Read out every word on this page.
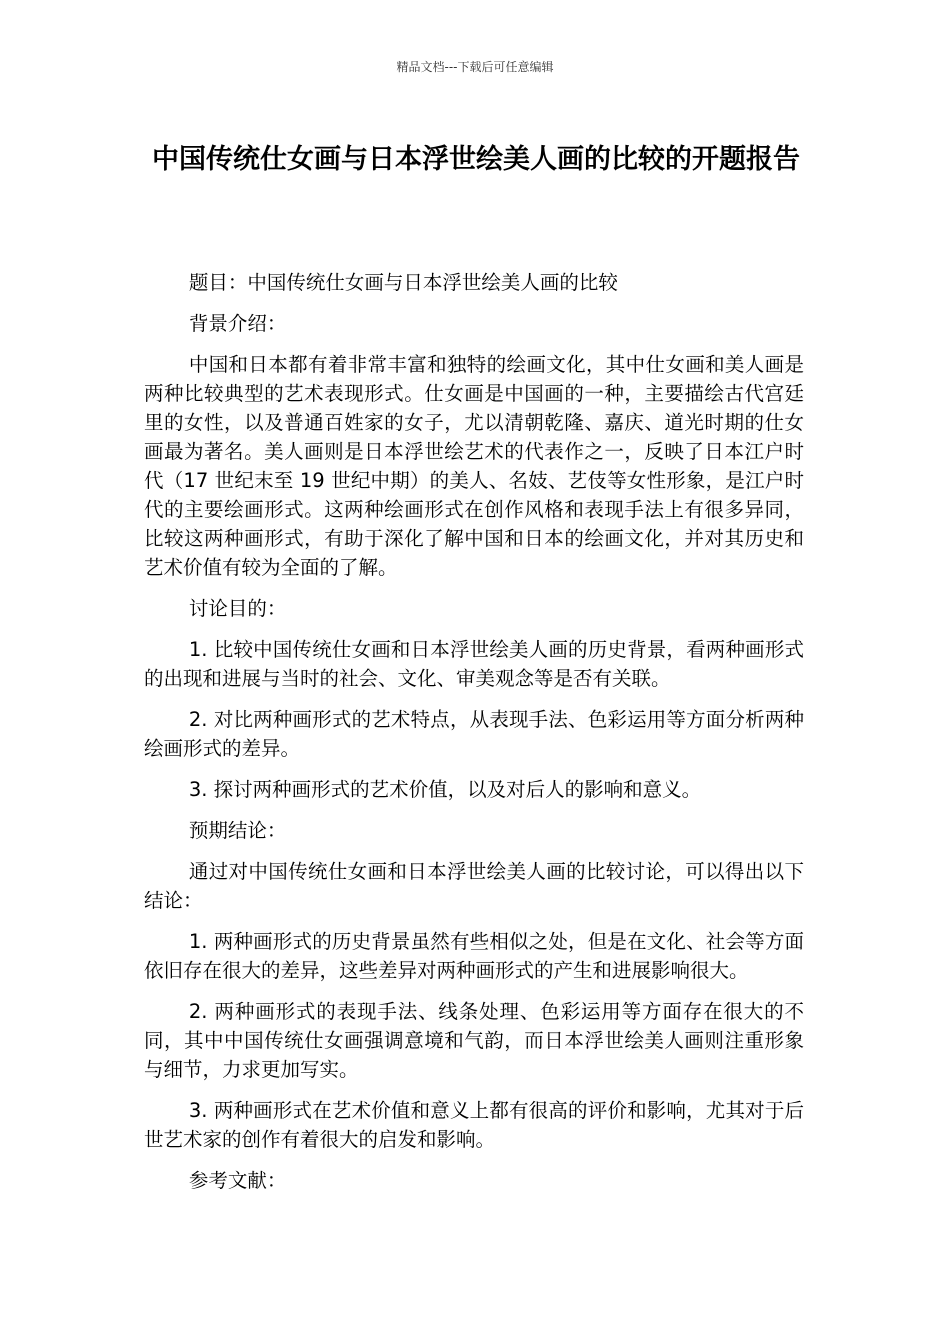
精品文档---下载后可任意编辑
中国传统仕女画与日本浮世绘美人画的比较的开题报告

题目：中国传统仕女画与日本浮世绘美人画的比较

背景介绍：

中国和日本都有着非常丰富和独特的绘画文化，其中仕女画和美人画是两种比较典型的艺术表现形式。仕女画是中国画的一种，主要描绘古代宫廷里的女性，以及普通百姓家的女子，尤以清朝乾隆、嘉庆、道光时期的仕女画最为著名。美人画则是日本浮世绘艺术的代表作之一，反映了日本江户时代（17 世纪末至 19 世纪中期）的美人、名妓、艺伎等女性形象，是江户时代的主要绘画形式。这两种绘画形式在创作风格和表现手法上有很多异同，比较这两种画形式，有助于深化了解中国和日本的绘画文化，并对其历史和艺术价值有较为全面的了解。

讨论目的：

1. 比较中国传统仕女画和日本浮世绘美人画的历史背景，看两种画形式的出现和进展与当时的社会、文化、审美观念等是否有关联。

2. 对比两种画形式的艺术特点，从表现手法、色彩运用等方面分析两种绘画形式的差异。

3. 探讨两种画形式的艺术价值，以及对后人的影响和意义。

预期结论：

通过对中国传统仕女画和日本浮世绘美人画的比较讨论，可以得出以下结论：

1. 两种画形式的历史背景虽然有些相似之处，但是在文化、社会等方面依旧存在很大的差异，这些差异对两种画形式的产生和进展影响很大。

2. 两种画形式的表现手法、线条处理、色彩运用等方面存在很大的不同，其中中国传统仕女画强调意境和气韵，而日本浮世绘美人画则注重形象与细节，力求更加写实。

3. 两种画形式在艺术价值和意义上都有很高的评价和影响，尤其对于后世艺术家的创作有着很大的启发和影响。

参考文献：
